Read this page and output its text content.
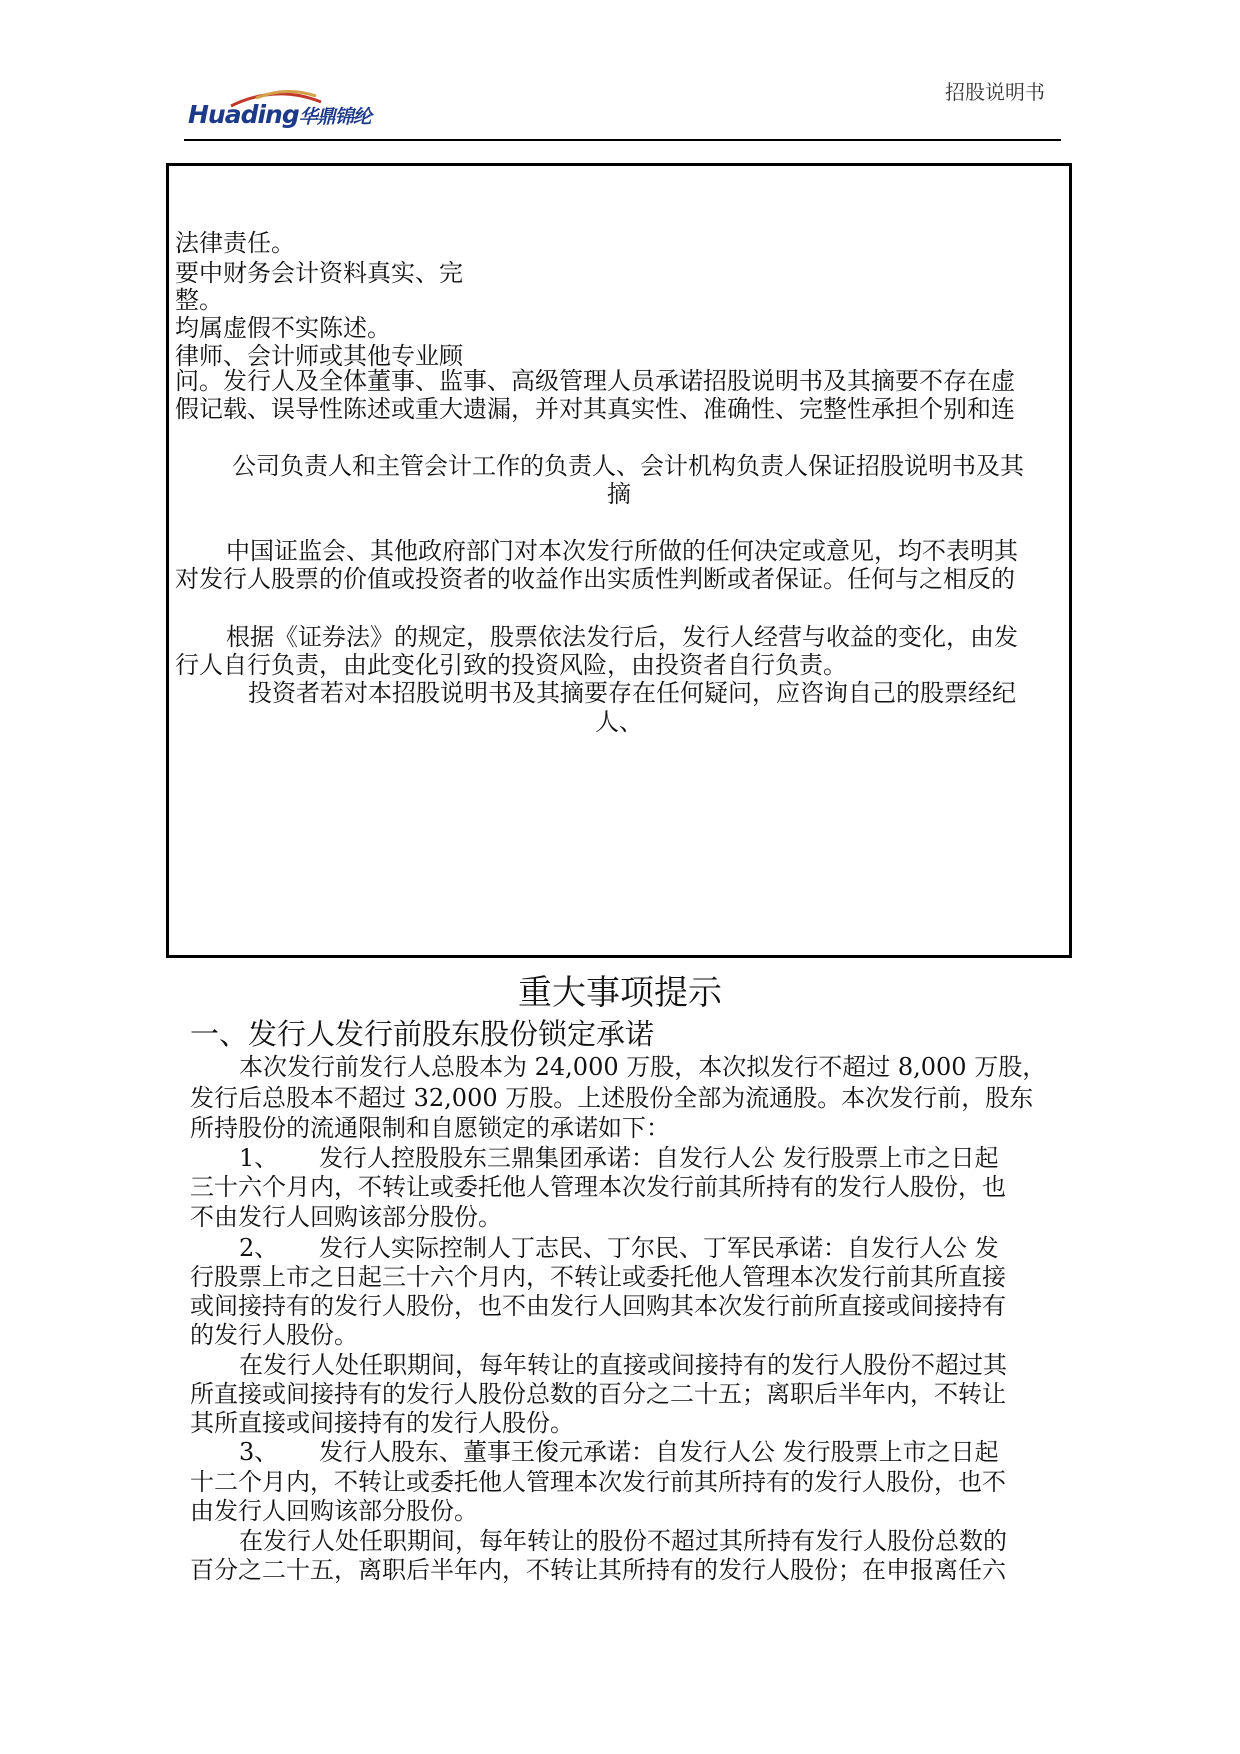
Huading华鼎锦纶
招股说明书
法律责任。
要中财务会计资料真实、完
整。
均属虚假不实陈述。
律师、会计师或其他专业顾
问。发行人及全体董事、监事、高级管理人员承诺招股说明书及其摘要不存在虚
假记载、误导性陈述或重大遗漏，并对其真实性、准确性、完整性承担个别和连
公司负责人和主管会计工作的负责人、会计机构负责人保证招股说明书及其
摘
中国证监会、其他政府部门对本次发行所做的任何决定或意见，均不表明其
对发行人股票的价值或投资者的收益作出实质性判断或者保证。任何与之相反的
根据《证券法》的规定，股票依法发行后，发行人经营与收益的变化，由发
行人自行负责，由此变化引致的投资风险，由投资者自行负责。
投资者若对本招股说明书及其摘要存在任何疑问，应咨询自己的股票经纪
人、
重大事项提示
一、发行人发行前股东股份锁定承诺
本次发行前发行人总股本为 24,000 万股，本次拟发行不超过 8,000 万股，
发行后总股本不超过 32,000 万股。上述股份全部为流通股。本次发行前，股东
所持股份的流通限制和自愿锁定的承诺如下：
1、 发行人控股股东三鼎集团承诺：自发行人公 发行股票上市之日起
三十六个月内，不转让或委托他人管理本次发行前其所持有的发行人股份，也
不由发行人回购该部分股份。
2、 发行人实际控制人丁志民、丁尔民、丁军民承诺：自发行人公 发
行股票上市之日起三十六个月内，不转让或委托他人管理本次发行前其所直接
或间接持有的发行人股份，也不由发行人回购其本次发行前所直接或间接持有
的发行人股份。
在发行人处任职期间，每年转让的直接或间接持有的发行人股份不超过其
所直接或间接持有的发行人股份总数的百分之二十五；离职后半年内，不转让
其所直接或间接持有的发行人股份。
3、 发行人股东、董事王俊元承诺：自发行人公 发行股票上市之日起
十二个月内，不转让或委托他人管理本次发行前其所持有的发行人股份，也不
由发行人回购该部分股份。
在发行人处任职期间，每年转让的股份不超过其所持有发行人股份总数的
百分之二十五，离职后半年内，不转让其所持有的发行人股份；在申报离任六
